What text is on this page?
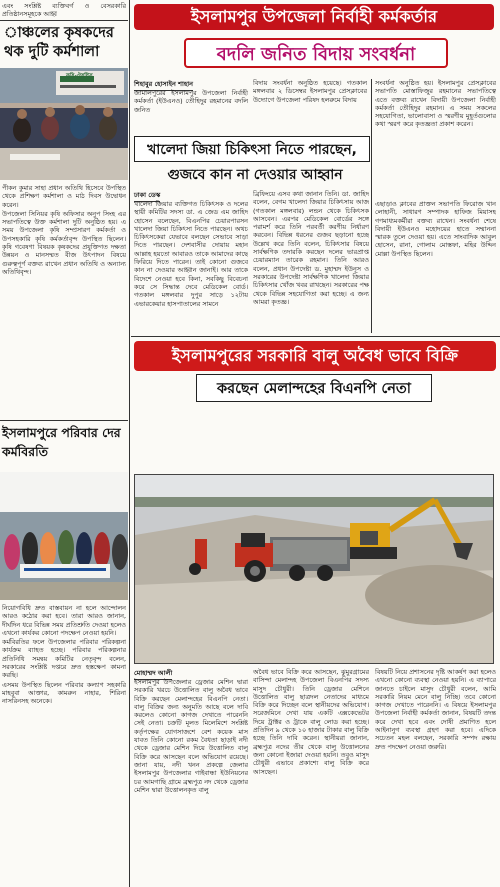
এবং সংশ্লিষ্ট ব্যক্তিবর্গ ও বেসরকারি প্রতিষ্ঠানসমূহকে আহ্ব
াঞ্চলের কৃষকদের থক দুটি কর্মশালা
কৃষি-ঔষধিস

পীকন কুমার সাহা প্রধান অতিথি হিসেবে উপস্থিত থেকে প্রশিক্ষণ কর্মশালা ও মাঠ দিবস উদ্বোধন করেন।

উপজেলা সিনিয়র কৃষি অফিসার অনুপ সিংহ এর সভাপতিত্বে উক্ত কর্মশালা দুটি অনুষ্ঠিত হয়। এ সময় উপজেলা কৃষি সম্প্রসারণ কর্মকর্তা ও উপসহকারি কৃষি কর্মকর্তাবৃন্দ উপস্থিত ছিলেন। কৃষি গবেষণা বিষয়ক কৃষকদের প্রযুক্তিগত দক্ষতা উন্নয়ন ও মানসম্মত বীজ উৎপাদন বিষয়ে গুরুত্বপূর্ণ বক্তব্য রাখেন প্রধান অতিথি ও অন্যান্য অতিথিবৃন্দ।

ইসলামপুরে পরিবার দের কর্মবিরতি

নিয়োগবিধি দ্রুত বাস্তবায়ন না হলে আন্দোলন আরও কঠোর করা হবে। তারা আরও জানান, দীর্ঘদিন ধরে বিভিন্ন সময় প্রতিশ্রুতি দেওয়া হলেও এখনো কার্যকর কোনো পদক্ষেপ নেওয়া হয়নি।

কর্মবিরতির ফলে উপজেলার পরিবার পরিকল্পনা কার্যক্রম ব্যাহত হচ্ছে। পরিবার পরিকল্পনার প্রতিনিধি সমন্বয় কমিটির নেতৃবৃন্দ বলেন, সরকারের সংশ্লিষ্ট দপ্তরে দ্রুত হস্তক্ষেপ কামনা করছি।

এসময় উপস্থিত ছিলেন পরিবার কল্যাণ সহকারি মাহবুবা আক্তার, কামরুন নাহার, শিরিনা নাসরিনসহ অনেকে।

ইসলামপুর উপজেলা নির্বাহী কর্মকর্তার
বদলি জনিত বিদায় সংবর্ধনা
শিহাবুর হোসাইন শাহান
জামালপুরের ইসলামপুর উপজেলা নির্বাহী কর্মকর্তা (ইউএনও) তৌহিদুর রহমানের বদলি জনিত
বিদায় সংবর্ধনা অনুষ্ঠিত হয়েছে। গতকাল মঙ্গলবার ২ ডিসেম্বর ইসলামপুর প্রেসক্লাবের উদ্যোগে উপজেলা পরিষদ হলরুমে বিদায়
সংবর্ধনা অনুষ্ঠিত হয়। ইসলামপুর প্রেসক্লাবের সভাপতি মোস্তাফিজুর রহমানের সভাপতিত্বে এতে বক্তব্য রাখেন বিদায়ী উপজেলা নির্বাহী কর্মকর্তা তৌহিদুর রহমান। এ সময় সকলের সহযোগিতা, ভালোবাসা ও স্মরণীয় মুহূর্তগুলোর কথা স্মরণ করে কৃতজ্ঞতা প্রকাশ করেন।
এছাড়াও ক্লাবের প্রাক্তন সভাপতি ফিরোজ খান লোহানী, সাধারণ সম্পাদক হাফিজ মিয়াসহ গণমাধ্যমকর্মীরা বক্তব্য রাখেন। সংবর্ধনা শেষে বিদায়ী ইউএনও মহোদয়ের হাতে সম্মাননা স্মারক তুলে দেওয়া হয়। এতে সাংবাদিক আবুল হোসেন, রানা, গোলাম মোস্তফা, মহির উদ্দিন মোল্লা উপস্থিত ছিলেন।
খালেদা জিয়া চিকিৎসা নিতে পারছেন,
গুজবে কান না দেওয়ার আহ্বান
ঢাকা ডেস্ক
খালেদা জিয়ার ব্যক্তিগত চিকিৎসক ও দলের স্থায়ী কমিটির সদস্য ডা. এ জেড এম জাহিদ হোসেন বলেছেন, বিএনপির চেয়ারপারসন খালেদা জিয়া চিকিৎসা নিতে পারছেন। অথচ চিকিৎসকেরা যেভাবে বলছেন সেভাবে সাড়া দিতে পারছেন। দেশবাসীর দোয়ায় মহান আল্লাহ হয়তো আবারও তাকে আমাদের কাছে ফিরিয়ে দিতে পারেন। তাই কোনো গুজবে কান না দেওয়ার আহ্বান জানাই। আর তাকে বিদেশে নেওয়া হবে কিনা, সবকিছু বিবেচনা করে সে সিদ্ধান্ত দেবে মেডিকেল বোর্ড। গতকাল মঙ্গলবার দুপুর সাড়ে ১২টায় এভারকেয়ার হাসপাতালের সামনে
ব্রিফিংয়ে এসব কথা জানান তিনি। ডা. জাহিদ বলেন, বেগম খালেদা জিয়ার চিকিৎসায় আজ (গতকাল মঙ্গলবার) লন্ডন থেকে চিকিৎসক আসবেন। এরপর মেডিকেল বোর্ডের সঙ্গে পরামর্শ করে তিনি পরবর্তী করণীয় নির্ধারণ করবেন। বিভিন্ন ধরনের গুজব ছড়ানো হচ্ছে উল্লেখ করে তিনি বলেন, চিকিৎসার বিষয়ে সার্বক্ষণিক তদারকি করছেন দলের ভারপ্রাপ্ত চেয়ারম্যান তারেক রহমান। তিনি আরও বলেন, প্রধান উপদেষ্টা ড. মুহাম্মদ ইউনূস ও সরকারের উপদেষ্টা সার্বক্ষণিক খালেদা জিয়ার চিকিৎসার খোঁজ খবর রাখছেন। সরকারের পক্ষ থেকে বিভিন্ন সহযোগিতা করা হচ্ছে। এ জন্য আমরা কৃতজ্ঞ।
ইসলামপুরের সরকারি বালু অবৈধ ভাবে বিক্রি
করছেন মেলান্দহের বিএনপি নেতা
মোহাম্মদ আলী
ইসলামপুর উপজেলার ড্রেজার মেশিন দ্বারা সরকারি খরচে উত্তোলিত বালু অবৈধ ভাবে বিক্রি করছেন মেলান্দহের বিএনপি নেতা। বালু বিক্রির জন্য অনুমতি আছে বলে দাবি করলেও কোনো কাগজ দেখাতে পারেননি সেই নেতা। চক্রটি মূলত মিলেমিশে সংশ্লিষ্ট কর্তৃপক্ষের যোগসাজশে বেশ কয়েক মাস যাবত তিনি কোনো রকম বৈধতা ছাড়াই নদী থেকে ড্রেজার মেশিন দিয়ে উত্তোলিত বালু বিক্রি করে আসছেন বলে অভিযোগ রয়েছে। জানা যায়, নদী খনন প্রকল্পে জেলার ইসলামপুর উপজেলার গাইবান্ধা ইউনিয়নের চর আমগাছি গ্রামে ব্রহ্মপুত্র নদ থেকে ড্রেজার মেশিন দ্বারা উত্তোলনকৃত বালু
অবৈধ ভাবে বিক্রি করে আসছেন, ঝুমুরগ্রামের বাসিন্দা মেলান্দহ উপজেলা বিএনপির সদস্য মাসুদ চৌধুরী। তিনি ড্রেজার মেশিনে উত্তোলিত বালু ছাত্রদল নেতাদের মাধ্যমে বিক্রি করে দিচ্ছেন বলে স্থানীয়দের অভিযোগ। সরেজমিনে দেখা যায় একটি এক্সকেভেটর দিয়ে ট্রাক্টর ও ট্রাকে বালু লোড করা হচ্ছে। প্রতিদিন ৯ থেকে ১০ হাজার টাকার বালু বিক্রি হচ্ছে তিনি দাবি করেন। স্থানীয়রা জানান, ব্রহ্মপুত্র নদের তীর থেকে বালু উত্তোলনের জন্য কোনো ইজারা দেওয়া হয়নি। তবুও মাসুদ চৌধুরী এভাবে প্রকাশ্যে বালু বিক্রি করে আসছেন।
বিষয়টি নিয়ে প্রশাসনের দৃষ্টি আকর্ষণ করা হলেও এখনো কোনো ব্যবস্থা নেওয়া হয়নি। এ ব্যাপারে জানতে চাইলে মাসুদ চৌধুরী বলেন, আমি সরকারি নিয়ম মেনে বালু নিচ্ছি। তবে কোনো কাগজ দেখাতে পারেননি। এ বিষয়ে ইসলামপুর উপজেলা নির্বাহী কর্মকর্তা জানান, বিষয়টি তদন্ত করে দেখা হবে এবং দোষী প্রমাণিত হলে আইনানুগ ব্যবস্থা গ্রহণ করা হবে। এদিকে সচেতন মহল বলছেন, সরকারি সম্পদ রক্ষায় দ্রুত পদক্ষেপ নেওয়া জরুরি।
